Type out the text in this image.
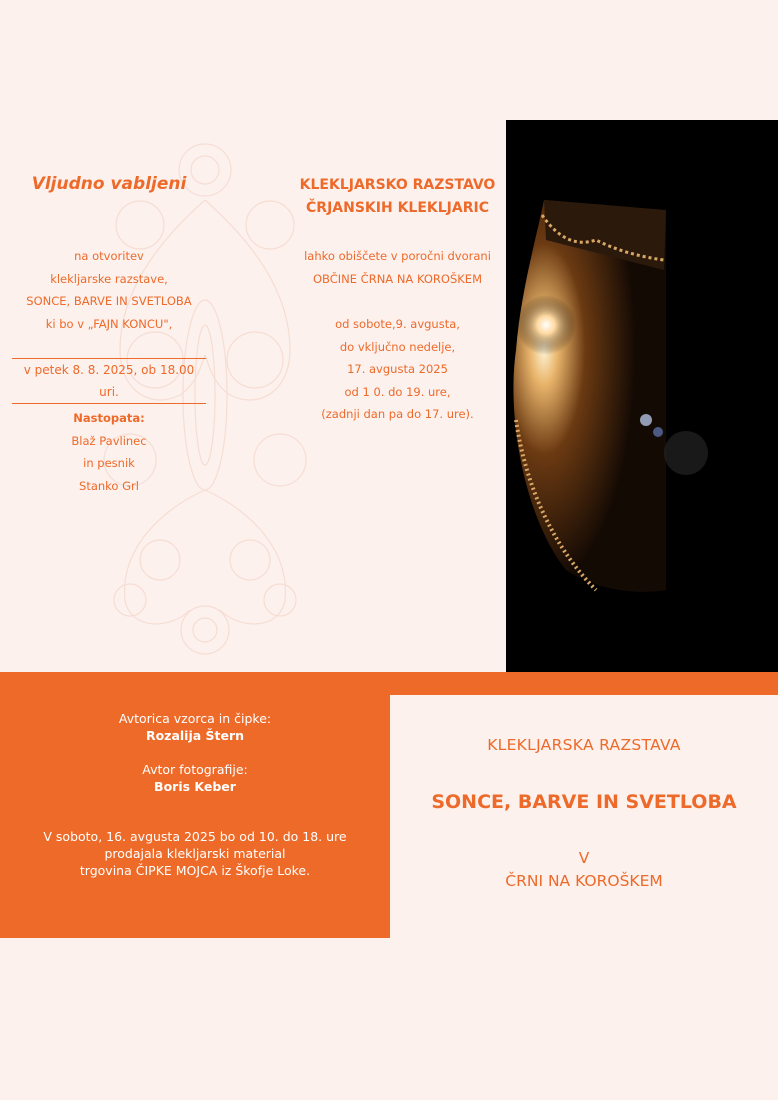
Vljudno vabljeni
na otvoritev
klekljarske razstave,
SONCE, BARVE IN SVETLOBA
ki bo v „FAJN KONCU",
v petek 8. 8. 2025, ob 18.00 uri.
Nastopata:
Blaž Pavlinec
in pesnik
Stanko Grl
KLEKLJARSKO RAZSTAVO
ČRJANSKIH KLEKLJARIC
lahko obiščete v poročni dvorani
OBČINE ČRNA NA KOROŠKEM
od sobote,9. avgusta,
do vključno nedelje,
17. avgusta 2025
od 1 0. do 19. ure,
(zadnji dan pa do 17. ure).
Avtorica vzorca in čipke:
Rozalija Štern
Avtor fotografije:
Boris Keber
V soboto, 16. avgusta 2025 bo od 10. do 18. ure
prodajala klekljarski material
trgovina ČIPKE MOJCA iz Škofje Loke.
KLEKLJARSKA RAZSTAVA
SONCE, BARVE IN SVETLOBA
V
ČRNI NA KOROŠKEM
